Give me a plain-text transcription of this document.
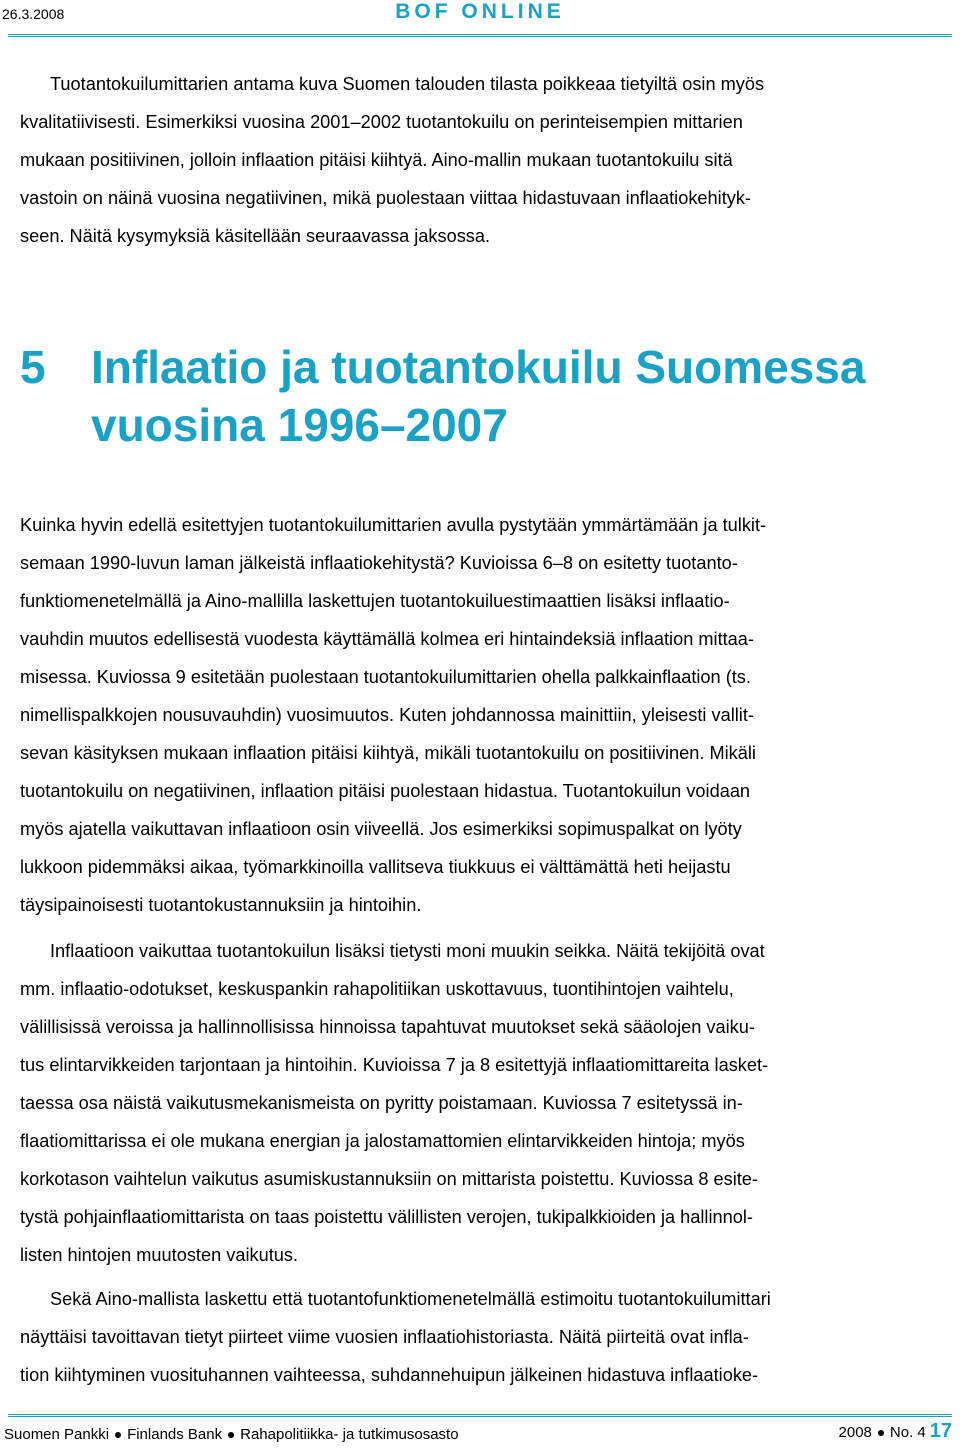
26.3.2008	BOF ONLINE

Tuotantokuilumittarien antama kuva Suomen talouden tilasta poikkeaa tietyiltä osin myös
kvalitatiivisesti. Esimerkiksi vuosina 2001–2002 tuotantokuilu on perinteisempien mittarien
mukaan positiivinen, jolloin inflaation pitäisi kiihtyä. Aino-mallin mukaan tuotantokuilu sitä
vastoin on näinä vuosina negatiivinen, mikä puolestaan viittaa hidastuvaan inflaatiokehityk-
seen. Näitä kysymyksiä käsitellään seuraavassa jaksossa.

5 Inflaatio ja tuotantokuilu Suomessa
vuosina 1996–2007

Kuinka hyvin edellä esitettyjen tuotantokuilumittarien avulla pystytään ymmärtämään ja tulkit-
semaan 1990-luvun laman jälkeistä inflaatiokehitystä? Kuvioissa 6–8 on esitetty tuotanto-
funktiomenetelmällä ja Aino-mallilla laskettujen tuotantokuiluestimaattien lisäksi inflaatio-
vauhdin muutos edellisestä vuodesta käyttämällä kolmea eri hintaindeksiä inflaation mittaa-
misessa. Kuviossa 9 esitetään puolestaan tuotantokuilumittarien ohella palkkainflaation (ts.
nimellispalkkojen nousuvauhdin) vuosimuutos. Kuten johdannossa mainittiin, yleisesti vallit-
sevan käsityksen mukaan inflaation pitäisi kiihtyä, mikäli tuotantokuilu on positiivinen. Mikäli
tuotantokuilu on negatiivinen, inflaation pitäisi puolestaan hidastua. Tuotantokuilun voidaan
myös ajatella vaikuttavan inflaatioon osin viiveellä. Jos esimerkiksi sopimuspalkat on lyöty
lukkoon pidemmäksi aikaa, työmarkkinoilla vallitseva tiukkuus ei välttämättä heti heijastu
täysipainoisesti tuotantokustannuksiin ja hintoihin.

Inflaatioon vaikuttaa tuotantokuilun lisäksi tietysti moni muukin seikka. Näitä tekijöitä ovat
mm. inflaatio-odotukset, keskuspankin rahapolitiikan uskottavuus, tuontihintojen vaihtelu,
välillisissä veroissa ja hallinnollisissa hinnoissa tapahtuvat muutokset sekä sääolojen vaiku-
tus elintarvikkeiden tarjontaan ja hintoihin. Kuvioissa 7 ja 8 esitettyjä inflaatiomittareita lasket-
taessa osa näistä vaikutusmekanismeista on pyritty poistamaan. Kuviossa 7 esitetyssä in-
flaatiomittarissa ei ole mukana energian ja jalostamattomien elintarvikkeiden hintoja; myös
korkotason vaihtelun vaikutus asumiskustannuksiin on mittarista poistettu. Kuviossa 8 esite-
tystä pohjainflaatiomittarista on taas poistettu välillisten verojen, tukipalkkioiden ja hallinnol-
listen hintojen muutosten vaikutus.

Sekä Aino-mallista laskettu että tuotantofunktiomenetelmällä estimoitu tuotantokuilumittari
näyttäisi tavoittavan tietyt piirteet viime vuosien inflaatiohistoriasta. Näitä piirteitä ovat infla-
tion kiihtyminen vuosituhannen vaihteessa, suhdannehuipun jälkeinen hidastuva inflaatioke-

Suomen Pankki Finlands Bank Rahapolitiikka- ja tutkimusosasto	2008 No. 4 17
